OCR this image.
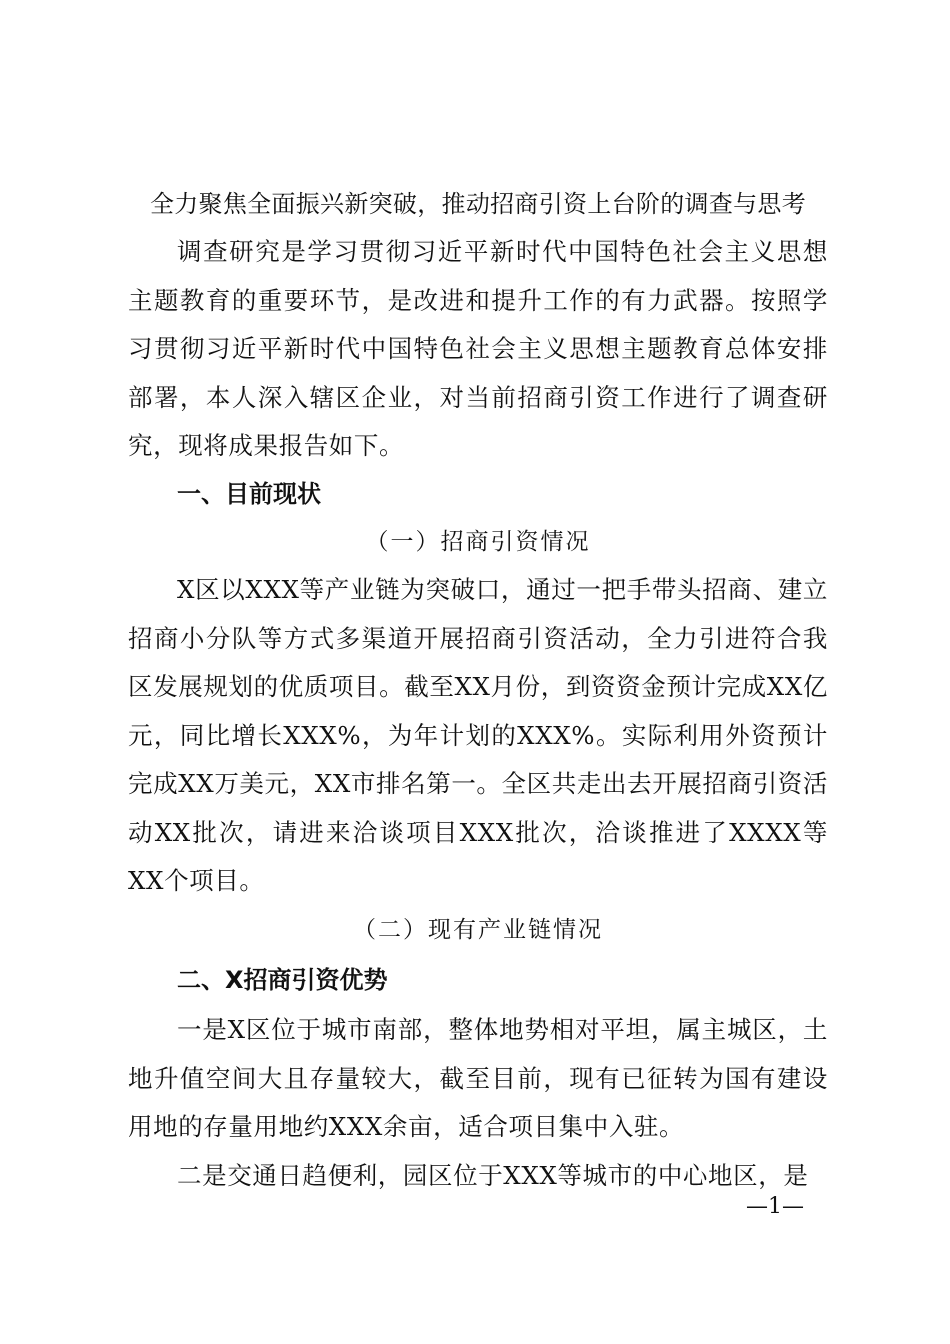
全力聚焦全面振兴新突破，推动招商引资上台阶的调查与思考
调查研究是学习贯彻习近平新时代中国特色社会主义思想主题教育的重要环节，是改进和提升工作的有力武器。按照学习贯彻习近平新时代中国特色社会主义思想主题教育总体安排部署，本人深入辖区企业，对当前招商引资工作进行了调查研究，现将成果报告如下。
一、目前现状
（一）招商引资情况
X区以XXX等产业链为突破口，通过一把手带头招商、建立招商小分队等方式多渠道开展招商引资活动，全力引进符合我区发展规划的优质项目。截至XX月份，到资资金预计完成XX亿元，同比增长XXX%，为年计划的XXX%。实际利用外资预计完成XX万美元，XX市排名第一。全区共走出去开展招商引资活动XX批次，请进来洽谈项目XXX批次，洽谈推进了XXXX等XX个项目。
（二）现有产业链情况
二、X招商引资优势
一是X区位于城市南部，整体地势相对平坦，属主城区，土地升值空间大且存量较大，截至目前，现有已征转为国有建设用地的存量用地约XXX余亩，适合项目集中入驻。
二是交通日趋便利，园区位于XXX等城市的中心地区，是
—1—
